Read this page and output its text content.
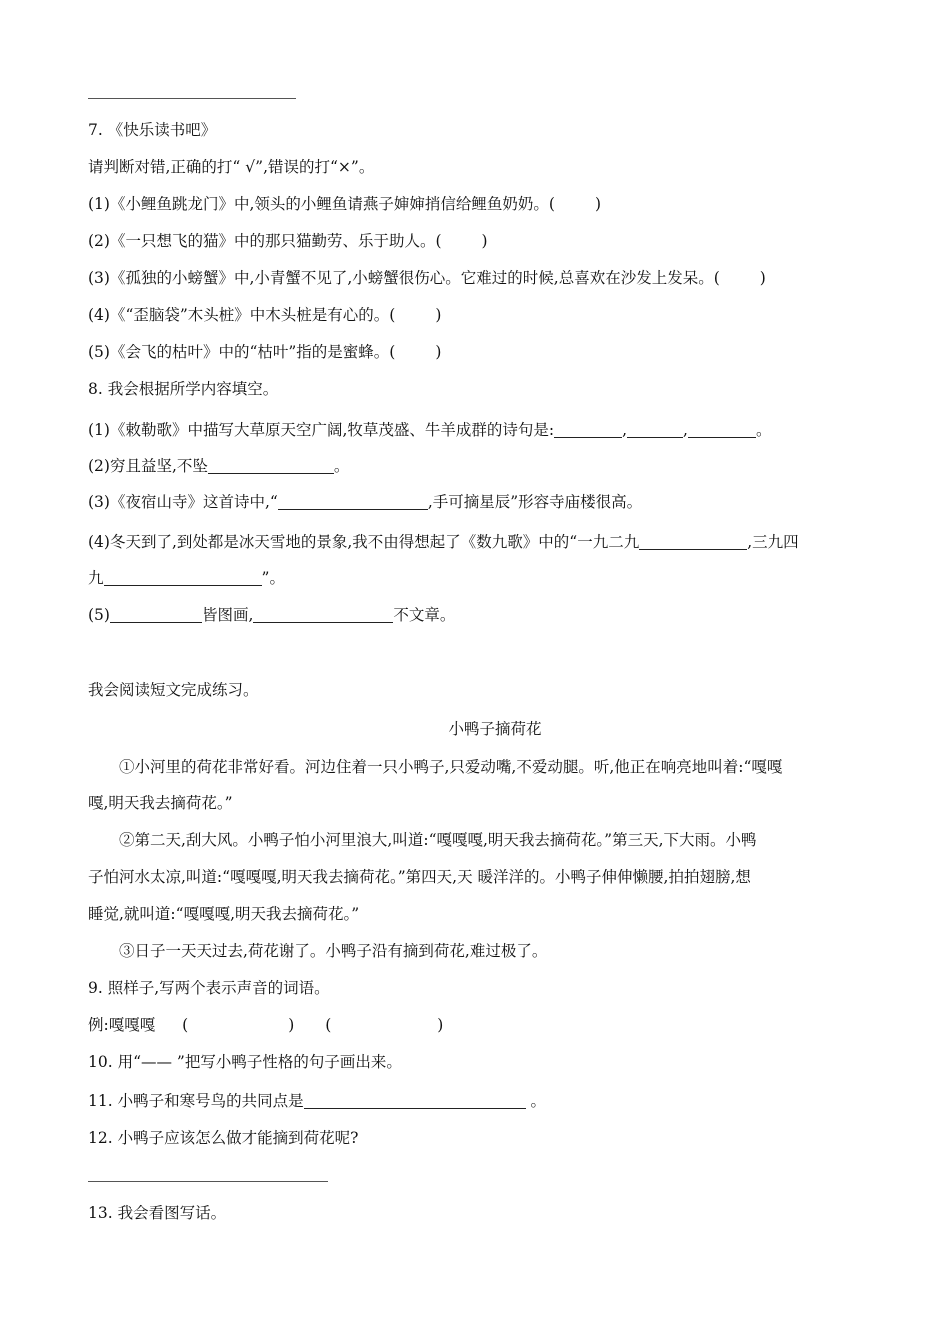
7. 《快乐读书吧》
请判断对错,正确的打“ √”,错误的打“×”。
(1)《小鲤鱼跳龙门》中,领头的小鲤鱼请燕子婶婶捎信给鲤鱼奶奶。(	)
(2)《一只想飞的猫》中的那只猫勤劳、乐于助人。(	)
(3)《孤独的小螃蟹》中,小青蟹不见了,小螃蟹很伤心。它难过的时候,总喜欢在沙发上发呆。(	)
(4)《“歪脑袋”木头桩》中木头桩是有心的。(	)
(5)《会飞的枯叶》中的“枯叶”指的是蜜蜂。(	)
8. 我会根据所学内容填空。
(1)《敕勒歌》中描写大草原天空广阔,牧草茂盛、牛羊成群的诗句是:	,	,	。
(2)穷且益坚,不坠	。
(3)《夜宿山寺》这首诗中,“	,手可摘星辰”形容寺庙楼很高。
(4)冬天到了,到处都是冰天雪地的景象,我不由得想起了《数九歌》中的“一九二九	,三九四
九	”。
(5)	皆图画,	不文章。
我会阅读短文完成练习。
小鸭子摘荷花
①小河里的荷花非常好看。河边住着一只小鸭子,只爱动嘴,不爱动腿。听,他正在响亮地叫着:“嘎嘎
嘎,明天我去摘荷花。”
②第二天,刮大风。小鸭子怕小河里浪大,叫道:“嘎嘎嘎,明天我去摘荷花。”第三天,下大雨。小鸭
子怕河水太凉,叫道:“嘎嘎嘎,明天我去摘荷花。”第四天,天 暖洋洋的。小鸭子伸伸懒腰,拍拍翅膀,想
睡觉,就叫道:“嘎嘎嘎,明天我去摘荷花。”
③日子一天天过去,荷花谢了。小鸭子沿有摘到荷花,难过极了。
9. 照样子,写两个表示声音的词语。
例:嘎嘎嘎 (	) (	)
10. 用“—— ”把写小鸭子性格的句子画出来。
11. 小鸭子和寒号鸟的共同点是	。
12. 小鸭子应该怎么做才能摘到荷花呢?
13. 我会看图写话。
